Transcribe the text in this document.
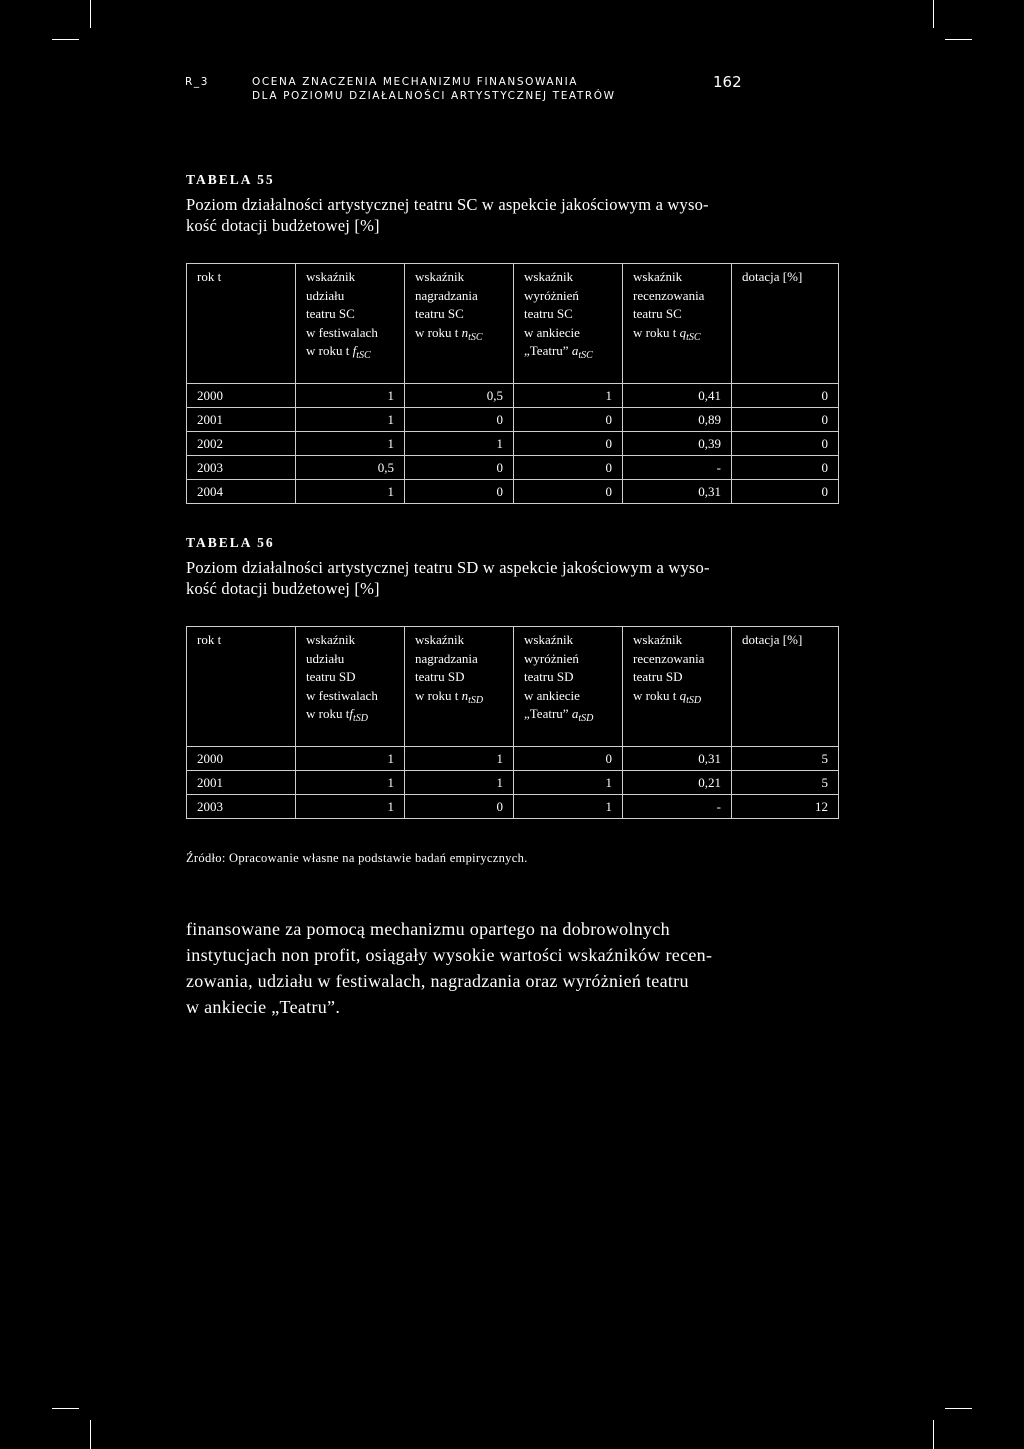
R_3	OCENA ZNACZENIA MECHANIZMU FINANSOWANIA
DLA POZIOMU DZIAŁALNOŚCI ARTYSTYCZNEJ TEATRÓW
162
TABELA 55
Poziom działalności artystycznej teatru SC w aspekcie jakościowym a wyso-
kość dotacji budżetowej [%]
rok t	wskaźnik
udziału
teatru SC
w festiwalach
w roku t $f_{tSC}$	wskaźnik
nagradzania
teatru SC
w roku t $n_{tSC}$	wskaźnik
wyróżnień
teatru SC
w ankiecie
„Teatru” $a_{tSC}$	wskaźnik
recenzowania
teatru SC
w roku t $q_{tSC}$	dotacja [%]

2000	1	0,5	1	0,41	0
2001	1	0	0	0,89	0
2002	1	1	0	0,39	0
2003	0,5	0	0	-	0
2004	1	0	0	0,31	0
TABELA 56
Poziom działalności artystycznej teatru SD w aspekcie jakościowym a wyso-
kość dotacji budżetowej [%]
rok t	wskaźnik
udziału
teatru SD
w festiwalach
w roku $tf_{tSD}$	wskaźnik
nagradzania
teatru SD
w roku t $n_{tSD}$	wskaźnik
wyróżnień
teatru SD
w ankiecie
„Teatru” $a_{tSD}$	wskaźnik
recenzowania
teatru SD
w roku t $q_{tSD}$	dotacja [%]

2000	1	1	0	0,31	5
2001	1	1	1	0,21	5
2003	1	0	1	-	12
Źródło: Opracowanie własne na podstawie badań empirycznych.
finansowane za pomocą mechanizmu opartego na dobrowolnych
instytucjach non profit, osiągały wysokie wartości wskaźników recen-
zowania, udziału w festiwalach, nagradzania oraz wyróżnień teatru
w ankiecie „Teatru”.
